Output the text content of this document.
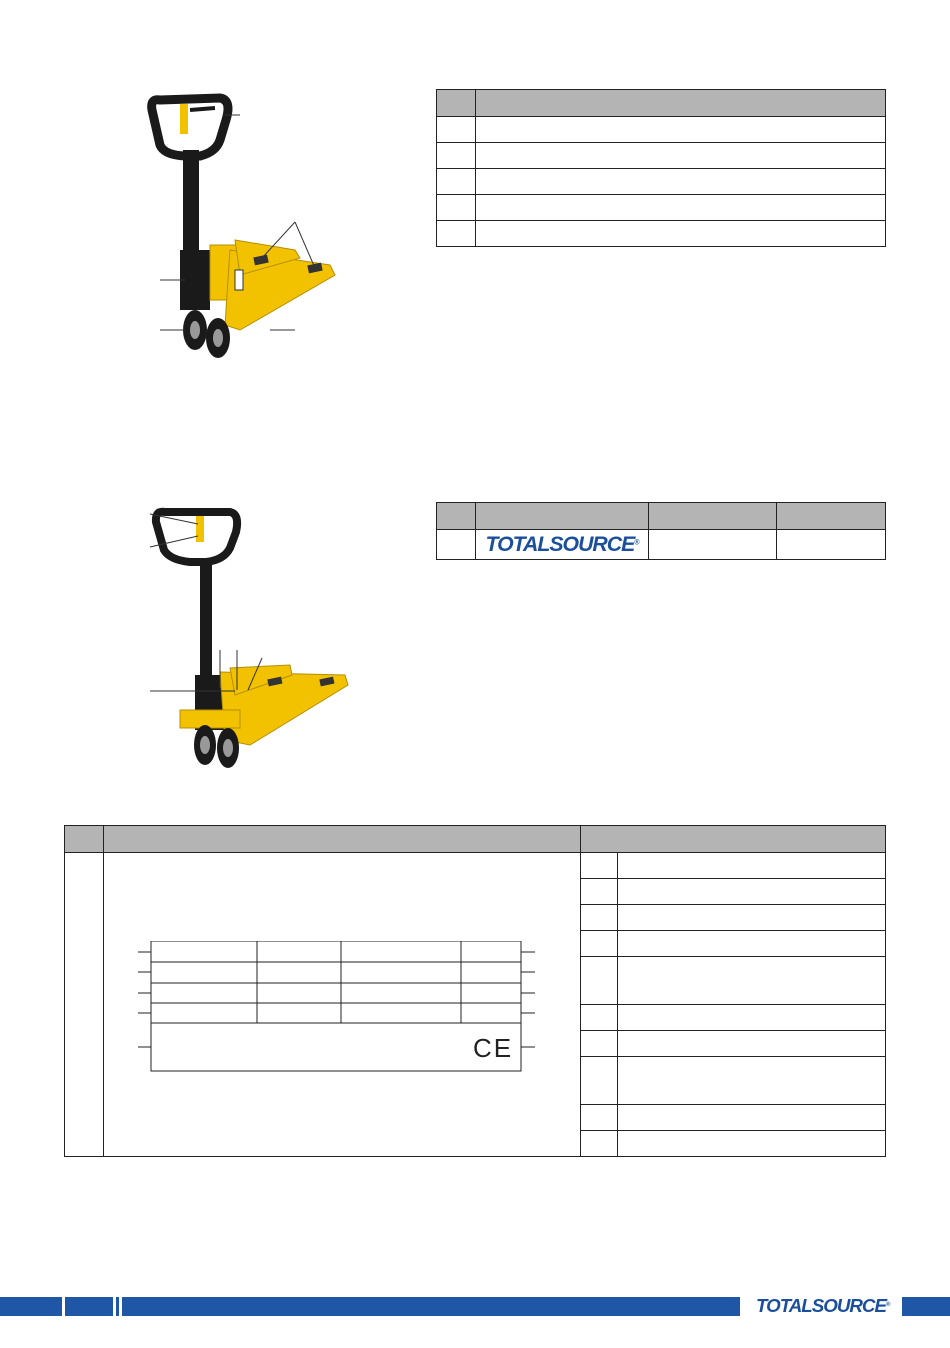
	TOTALSOURCE®		

	CE		

TOTALSOURCE®
